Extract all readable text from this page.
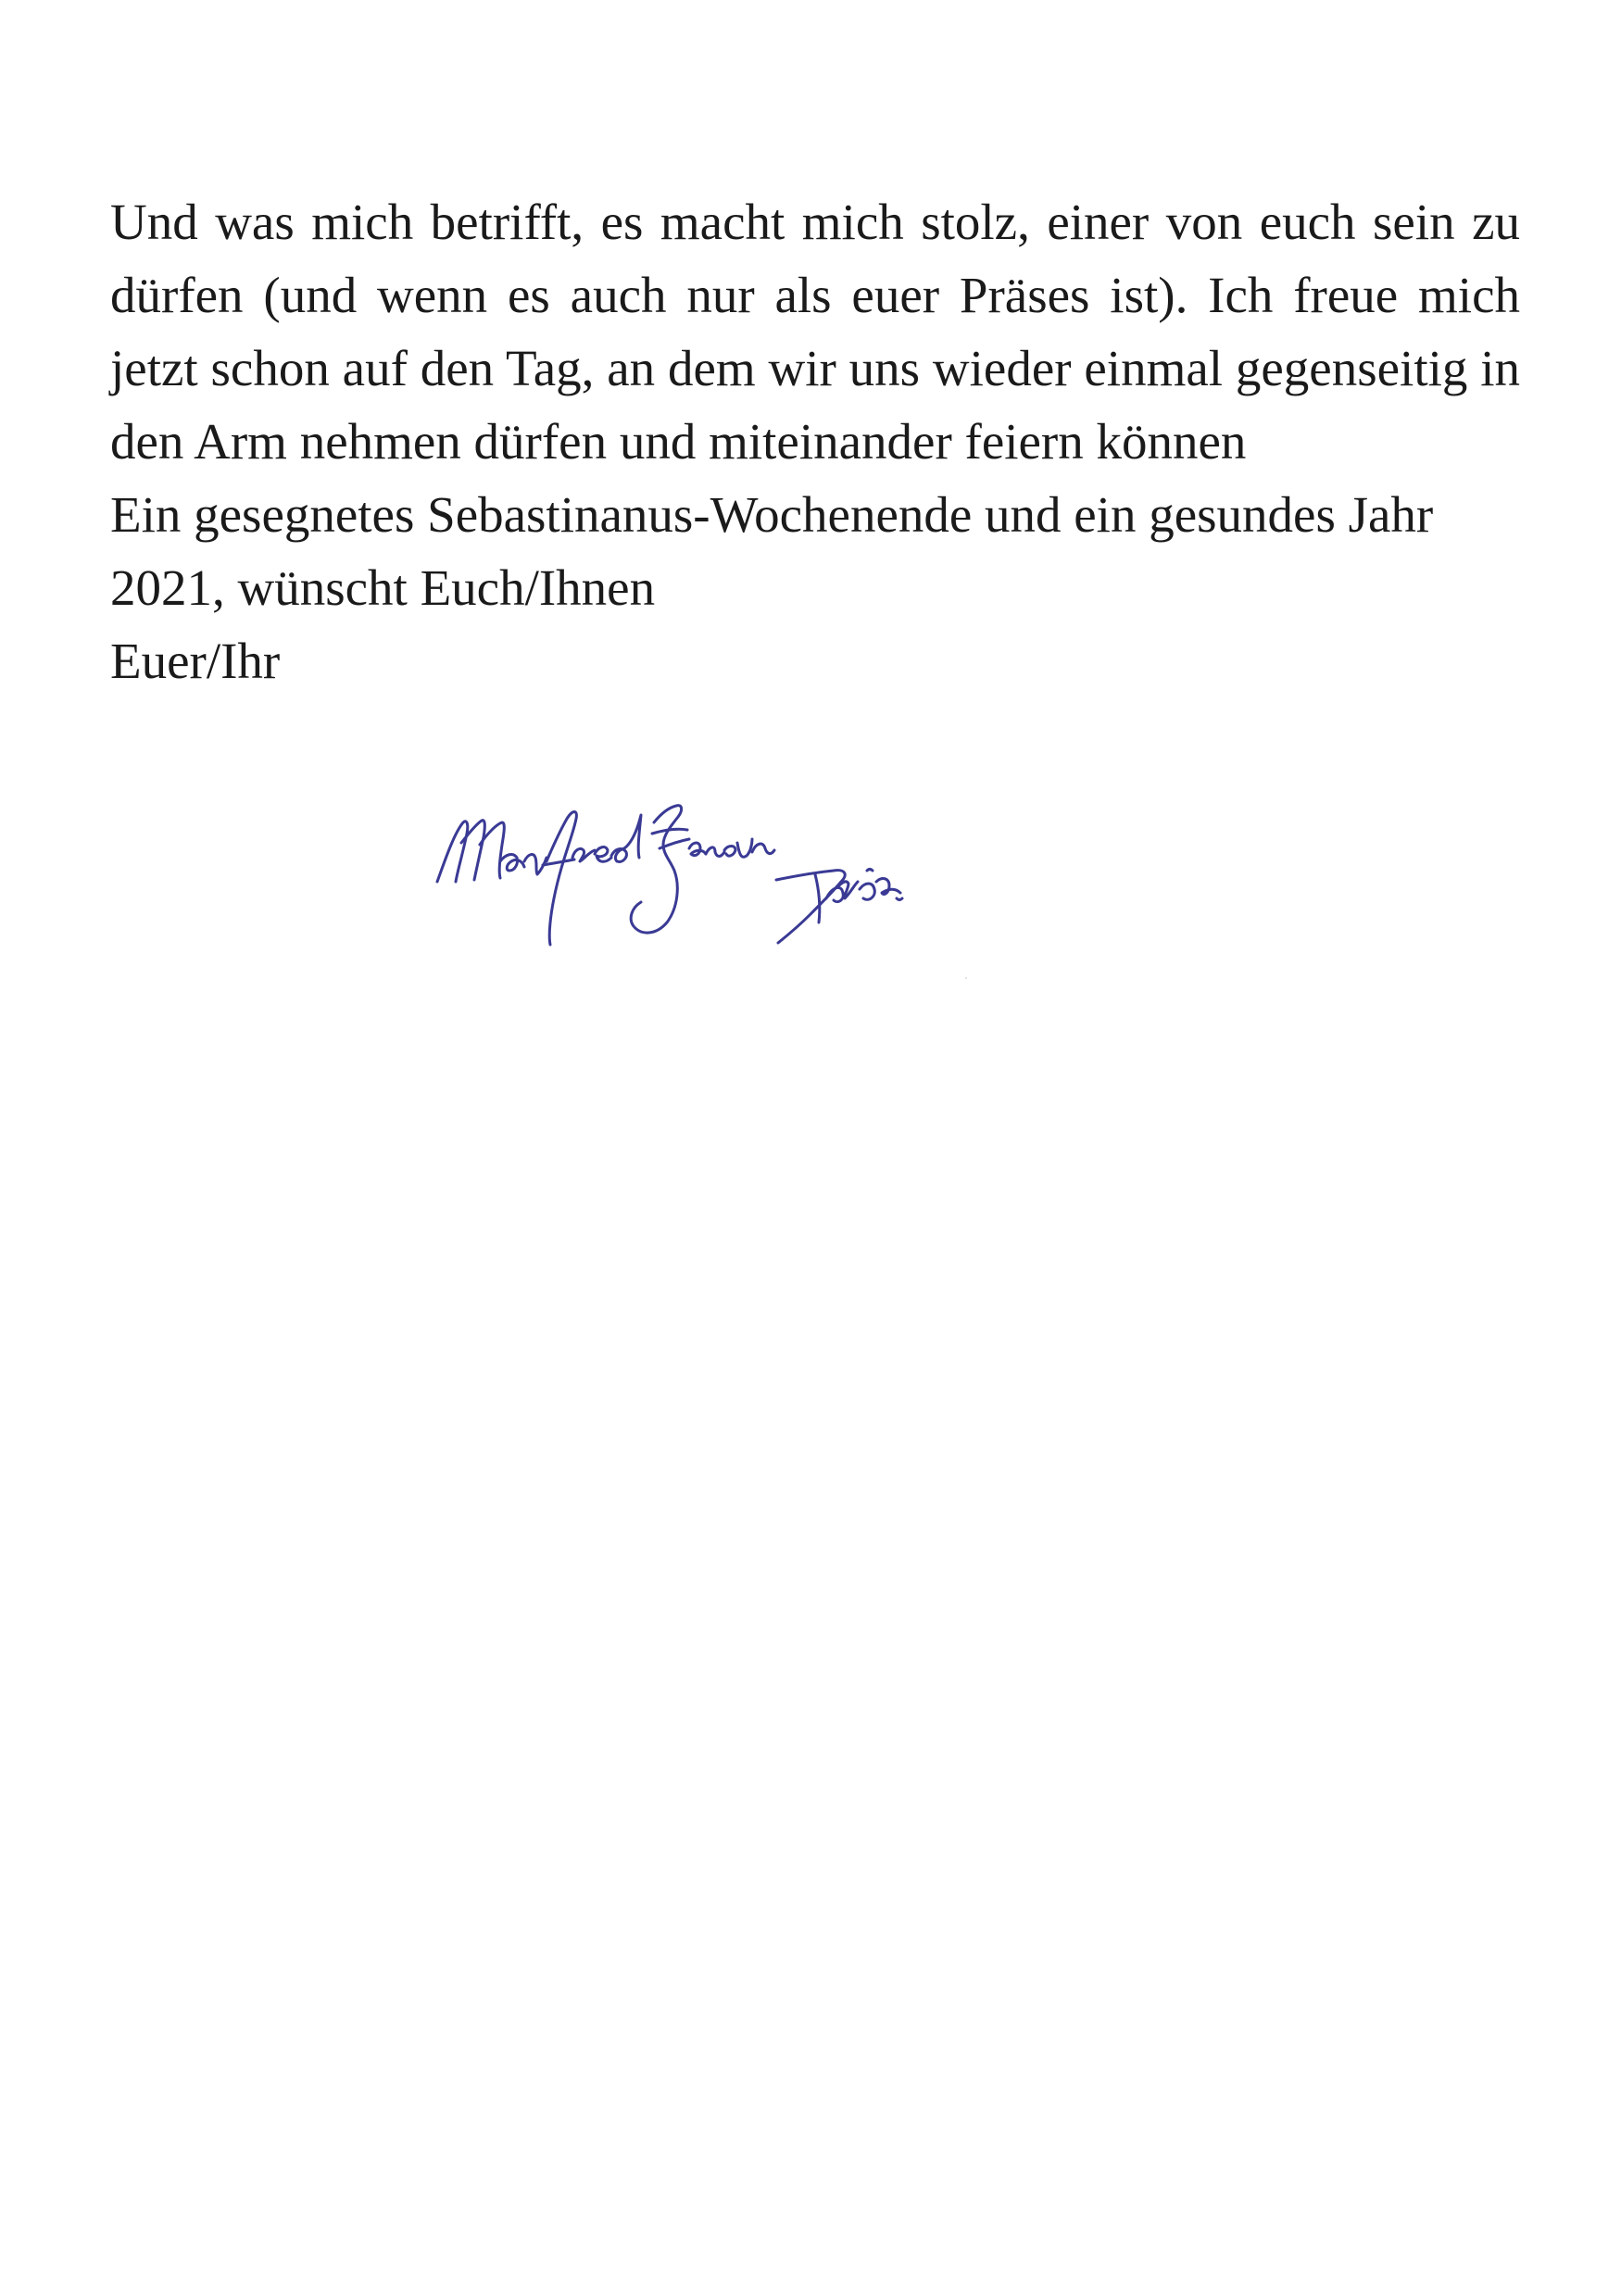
Und was mich betrifft, es macht mich stolz, einer von euch sein zu dürfen (und wenn es auch nur als euer Präses ist). Ich freue mich jetzt schon auf den Tag, an dem wir uns wieder einmal gegenseitig in den Arm nehmen dürfen und miteinander feiern können

Ein gesegnetes Sebastinanus-Wochenende und ein gesundes Jahr

2021, wünscht Euch/Ihnen

Euer/Ihr
